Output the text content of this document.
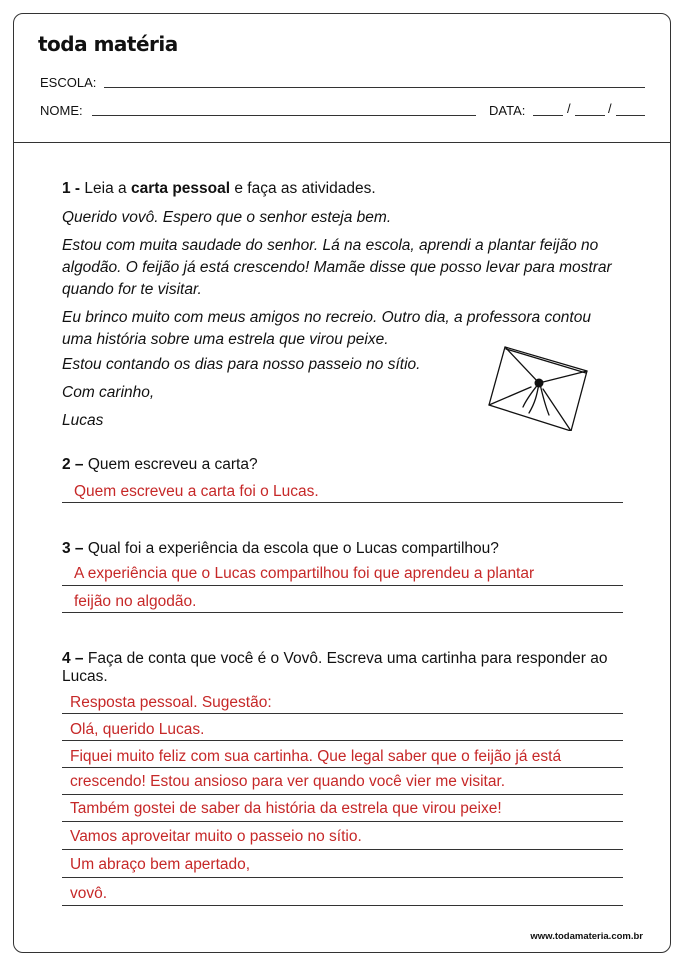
toda matéria
ESCOLA:
NOME:	DATA:	/	/
1 - Leia a carta pessoal e faça as atividades.
Querido vovô. Espero que o senhor esteja bem.
Estou com muita saudade do senhor. Lá na escola, aprendi a plantar feijão no algodão. O feijão já está crescendo! Mamãe disse que posso levar para mostrar quando for te visitar.
Eu brinco muito com meus amigos no recreio. Outro dia, a professora contou uma história sobre uma estrela que virou peixe.
Estou contando os dias para nosso passeio no sítio.
Com carinho,
Lucas
2 – Quem escreveu a carta?
Quem escreveu a carta foi o Lucas.
3 – Qual foi a experiência da escola que o Lucas compartilhou?
A experiência que o Lucas compartilhou foi que aprendeu a plantar
feijão no algodão.
4 – Faça de conta que você é o Vovô. Escreva uma cartinha para responder ao Lucas.
Resposta pessoal. Sugestão:
Olá, querido Lucas.
Fiquei muito feliz com sua cartinha. Que legal saber que o feijão já está
crescendo! Estou ansioso para ver quando você vier me visitar.
Também gostei de saber da história da estrela que virou peixe!
Vamos aproveitar muito o passeio no sítio.
Um abraço bem apertado,
vovô.
www.todamateria.com.br
